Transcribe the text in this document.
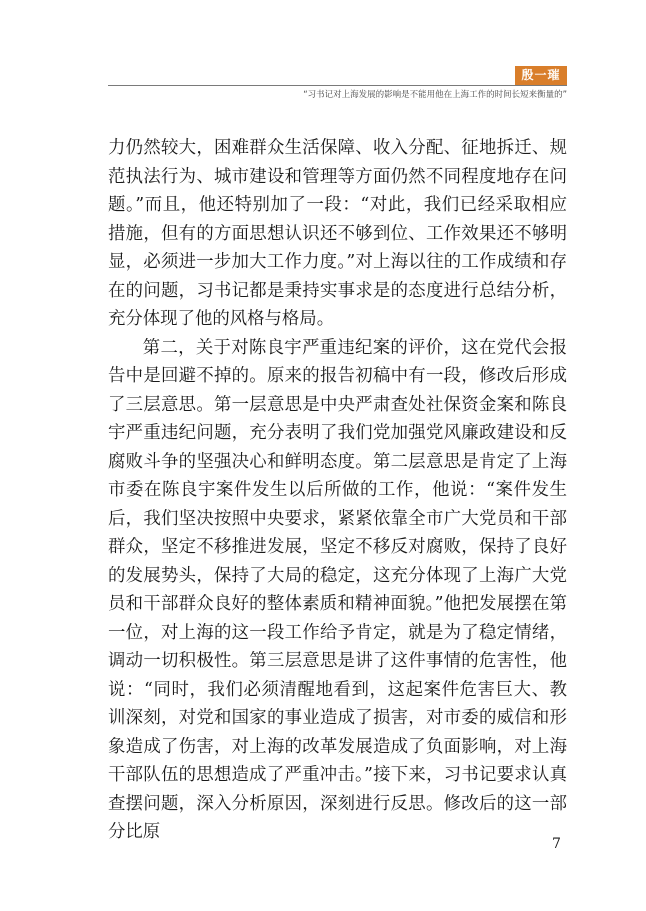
殷一璀
“习书记对上海发展的影响是不能用他在上海工作的时间长短来衡量的”

力仍然较大，困难群众生活保障、收入分配、征地拆迁、规范执法行为、城市建设和管理等方面仍然不同程度地存在问题。”而且，他还特别加了一段：“对此，我们已经采取相应措施，但有的方面思想认识还不够到位、工作效果还不够明显，必须进一步加大工作力度。”对上海以往的工作成绩和存在的问题，习书记都是秉持实事求是的态度进行总结分析，充分体现了他的风格与格局。

第二，关于对陈良宇严重违纪案的评价，这在党代会报告中是回避不掉的。原来的报告初稿中有一段，修改后形成了三层意思。第一层意思是中央严肃查处社保资金案和陈良宇严重违纪问题，充分表明了我们党加强党风廉政建设和反腐败斗争的坚强决心和鲜明态度。第二层意思是肯定了上海市委在陈良宇案件发生以后所做的工作，他说：“案件发生后，我们坚决按照中央要求，紧紧依靠全市广大党员和干部群众，坚定不移推进发展，坚定不移反对腐败，保持了良好的发展势头，保持了大局的稳定，这充分体现了上海广大党员和干部群众良好的整体素质和精神面貌。”他把发展摆在第一位，对上海的这一段工作给予肯定，就是为了稳定情绪，调动一切积极性。第三层意思是讲了这件事情的危害性，他说：“同时，我们必须清醒地看到，这起案件危害巨大、教训深刻，对党和国家的事业造成了损害，对市委的威信和形象造成了伤害，对上海的改革发展造成了负面影响，对上海干部队伍的思想造成了严重冲击。”接下来，习书记要求认真查摆问题，深入分析原因，深刻进行反思。修改后的这一部分比原

7
